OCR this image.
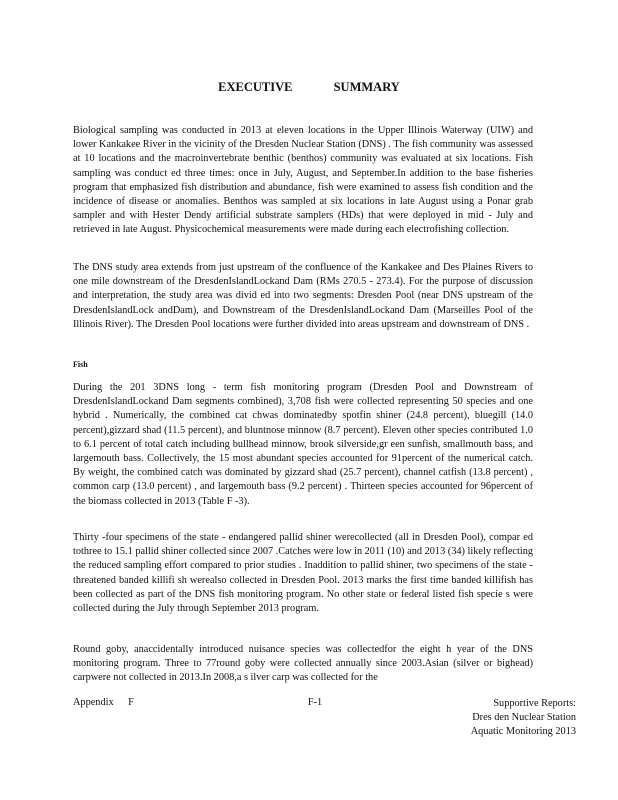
EXECUTIVE SUMMARY
Biological sampling was conducted in 2013 at eleven locations in the Upper Illinois Waterway (UIW) and lower Kankakee River in the vicinity of the Dresden Nuclear Station (DNS) . The fish community was assessed at 10 locations and the macroinvertebrate benthic (benthos) community was evaluated at six locations. Fish sampling was conduct ed three times: once in July, August, and September.In addition to the base fisheries program that emphasized fish distribution and abundance, fish were examined to assess fish condition and the incidence of disease or anomalies. Benthos was sampled at six locations in late August using a Ponar grab sampler and with Hester Dendy artificial substrate samplers (HDs) that were deployed in mid - July and retrieved in late August. Physicochemical measurements were made during each electrofishing collection.
The DNS study area extends from just upstream of the confluence of the Kankakee and Des Plaines Rivers to one mile downstream of the DresdenIslandLockand Dam (RMs 270.5 - 273.4). For the purpose of discussion and interpretation, the study area was divid ed into two segments: Dresden Pool (near DNS upstream of the DresdenIslandLock andDam), and Downstream of the DresdenIslandLockand Dam (Marseilles Pool of the Illinois River). The Dresden Pool locations were further divided into areas upstream and downstream of DNS .
Fish
During the 201 3DNS long - term fish monitoring program (Dresden Pool and Downstream of DresdenIslandLockand Dam segments combined), 3,708 fish were collected representing 50 species and one hybrid . Numerically, the combined cat chwas dominatedby spotfin shiner (24.8 percent), bluegill (14.0 percent),gizzard shad (11.5 percent), and bluntnose minnow (8.7 percent). Eleven other species contributed 1.0 to 6.1 percent of total catch including bullhead minnow, brook silverside,gr een sunfish, smallmouth bass, and largemouth bass. Collectively, the 15 most abundant species accounted for 91percent of the numerical catch. By weight, the combined catch was dominated by gizzard shad (25.7 percent), channel catfish (13.8 percent) , common carp (13.0 percent) , and largemouth bass (9.2 percent) . Thirteen species accounted for 96percent of the biomass collected in 2013 (Table F -3).
Thirty -four specimens of the state - endangered pallid shiner werecollected (all in Dresden Pool), compar ed tothree to 15.1 pallid shiner collected since 2007 .Catches were low in 2011 (10) and 2013 (34) likely reflecting the reduced sampling effort compared to prior studies . Inaddition to pallid shiner, two specimens of the state -threatened banded killifi sh werealso collected in Dresden Pool. 2013 marks the first time banded killifish has been collected as part of the DNS fish monitoring program. No other state or federal listed fish specie s were collected during the July through September 2013 program.
Round goby, anaccidentally introduced nuisance species was collectedfor the eight h year of the DNS monitoring program. Three to 77round goby were collected annually since 2003.Asian (silver or bighead) carpwere not collected in 2013.In 2008,a s ilver carp was collected for the
Appendix F	F-1	Supportive Reports:
Dres den Nuclear Station
Aquatic Monitoring 2013
